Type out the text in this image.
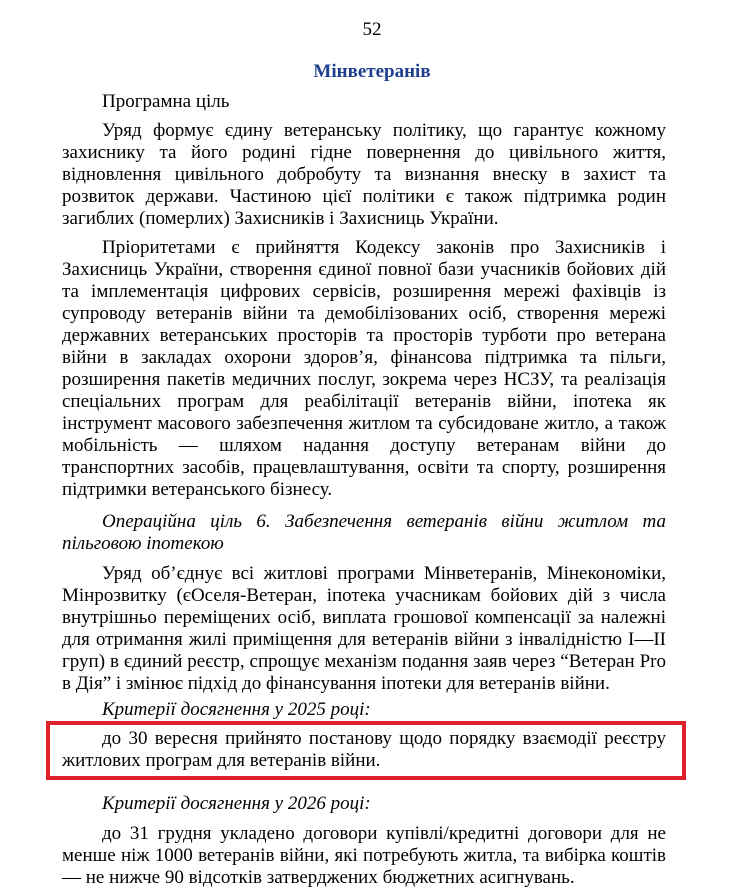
52
Мінветеранів

Програмна ціль

Уряд формує єдину ветеранську політику, що гарантує кожному захиснику та його родині гідне повернення до цивільного життя, відновлення цивільного добробуту та визнання внеску в захист та розвиток держави. Частиною цієї політики є також підтримка родин загиблих (померлих) Захисників і Захисниць України.

Пріоритетами є прийняття Кодексу законів про Захисників і Захисниць України, створення єдиної повної бази учасників бойових дій та імплементація цифрових сервісів, розширення мережі фахівців із супроводу ветеранів війни та демобілізованих осіб, створення мережі державних ветеранських просторів та просторів турботи про ветерана війни в закладах охорони здоров’я, фінансова підтримка та пільги, розширення пакетів медичних послуг, зокрема через НСЗУ, та реалізація спеціальних програм для реабілітації ветеранів війни, іпотека як інструмент масового забезпечення житлом та субсидоване житло, а також мобільність — шляхом надання доступу ветеранам війни до транспортних засобів, працевлаштування, освіти та спорту, розширення підтримки ветеранського бізнесу.

Операційна ціль 6. Забезпечення ветеранів війни житлом та пільговою іпотекою

Уряд об’єднує всі житлові програми Мінветеранів, Мінекономіки, Мінрозвитку (єОселя-Ветеран, іпотека учасникам бойових дій з числа внутрішньо переміщених осіб, виплата грошової компенсації за належні для отримання жилі приміщення для ветеранів війни з інвалідністю I—II груп) в єдиний реєстр, спрощує механізм подання заяв через “Ветеран Pro в Дія” і змінює підхід до фінансування іпотеки для ветеранів війни.

Критерії досягнення у 2025 році:

до 30 вересня прийнято постанову щодо порядку взаємодії реєстру житлових програм для ветеранів війни.

Критерії досягнення у 2026 році:

до 31 грудня укладено договори купівлі/кредитні договори для не менше ніж 1000 ветеранів війни, які потребують житла, та вибірка коштів — не нижче 90 відсотків затверджених бюджетних асигнувань.
